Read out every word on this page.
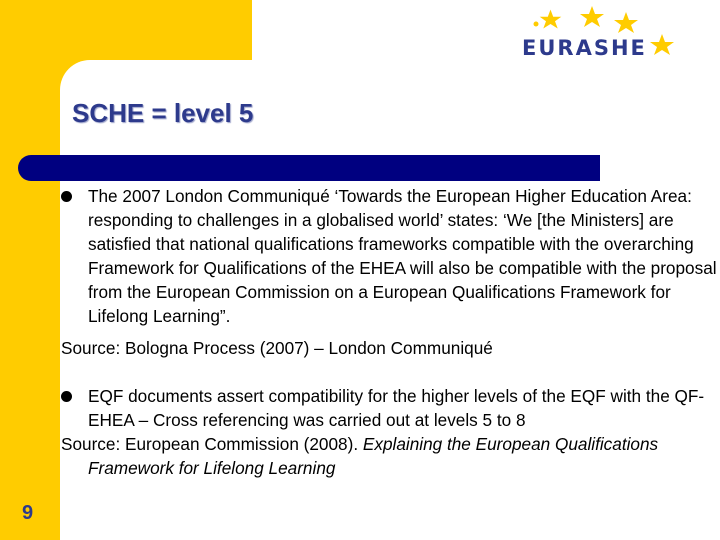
EURASHE
SCHE = level 5
The 2007 London Communiqué ‘Towards the European Higher Education Area: responding to challenges in a globalised world’ states: ‘We [the Ministers] are satisfied that national qualifications frameworks compatible with the overarching Framework for Qualifications of the EHEA will also be compatible with the proposal from the European Commission on a European Qualifications Framework for Lifelong Learning”.
Source: Bologna Process (2007) – London Communiqué
EQF documents assert compatibility for the higher levels of the EQF with the QF-EHEA – Cross referencing was carried out at levels 5 to 8
Source: European Commission (2008). Explaining the European Qualifications Framework for Lifelong Learning
9
